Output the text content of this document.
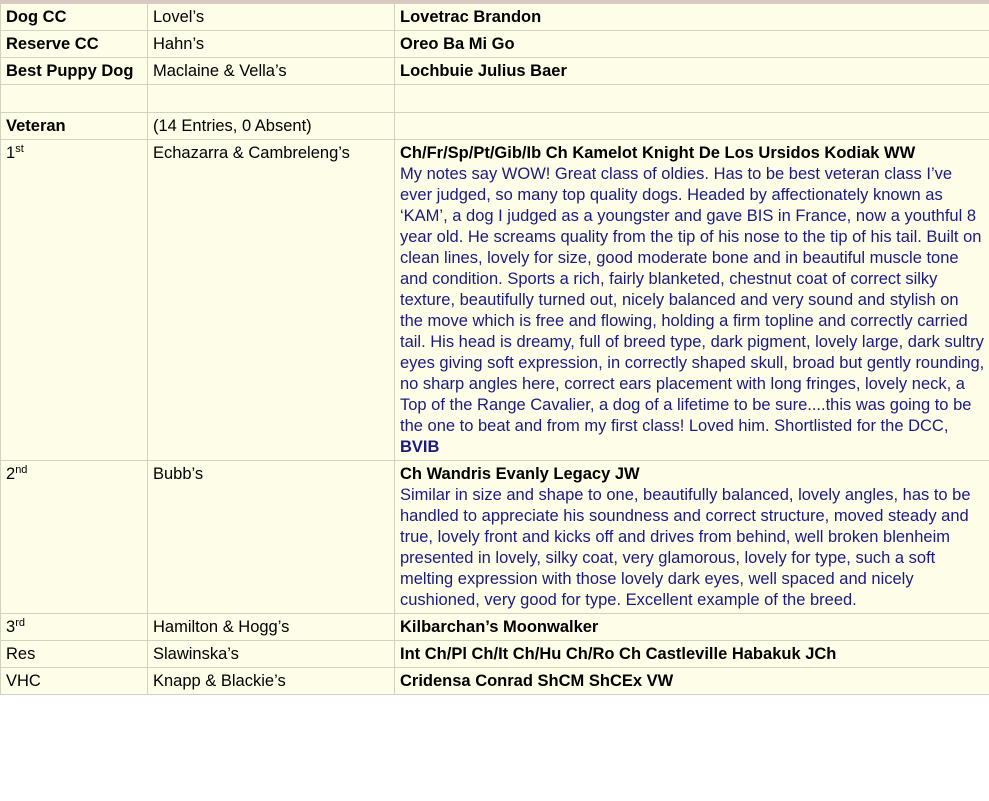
Dog CC	Lovel’s	Lovetrac Brandon
Reserve CC	Hahn’s	Oreo Ba Mi Go
Best Puppy Dog	Maclaine & Vella’s	Lochbuie Julius Baer

Veteran	(14 Entries, 0 Absent)	
1st	Echazarra & Cambreleng’s	Ch/Fr/Sp/Pt/Gib/Ib Ch Kamelot Knight De Los Ursidos Kodiak WW
My notes say WOW! Great class of oldies. Has to be best veteran class I’ve ever judged, so many top quality dogs. Headed by affectionately known as ‘KAM’, a dog I judged as a youngster and gave BIS in France, now a youthful 8 year old. He screams quality from the tip of his nose to the tip of his tail. Built on clean lines, lovely for size, good moderate bone and in beautiful muscle tone and condition. Sports a rich, fairly blanketed, chestnut coat of correct silky texture, beautifully turned out, nicely balanced and very sound and stylish on the move which is free and flowing, holding a firm topline and correctly carried tail. His head is dreamy, full of breed type, dark pigment, lovely large, dark sultry eyes giving soft expression, in correctly shaped skull, broad but gently rounding, no sharp angles here, correct ears placement with long fringes, lovely neck, a Top of the Range Cavalier, a dog of a lifetime to be sure....this was going to be the one to beat and from my first class! Loved him. Shortlisted for the DCC, BVIB

2nd	Bubb’s	Ch Wandris Evanly Legacy JW
Similar in size and shape to one, beautifully balanced, lovely angles, has to be handled to appreciate his soundness and correct structure, moved steady and true, lovely front and kicks off and drives from behind, well broken blenheim presented in lovely, silky coat, very glamorous, lovely for type, such a soft melting expression with those lovely dark eyes, well spaced and nicely cushioned, very good for type. Excellent example of the breed.

3rd	Hamilton & Hogg’s	Kilbarchan’s Moonwalker
Res	Slawinska’s	Int Ch/Pl Ch/It Ch/Hu Ch/Ro Ch Castleville Habakuk JCh
VHC	Knapp & Blackie’s	Cridensa Conrad ShCM ShCEx VW
